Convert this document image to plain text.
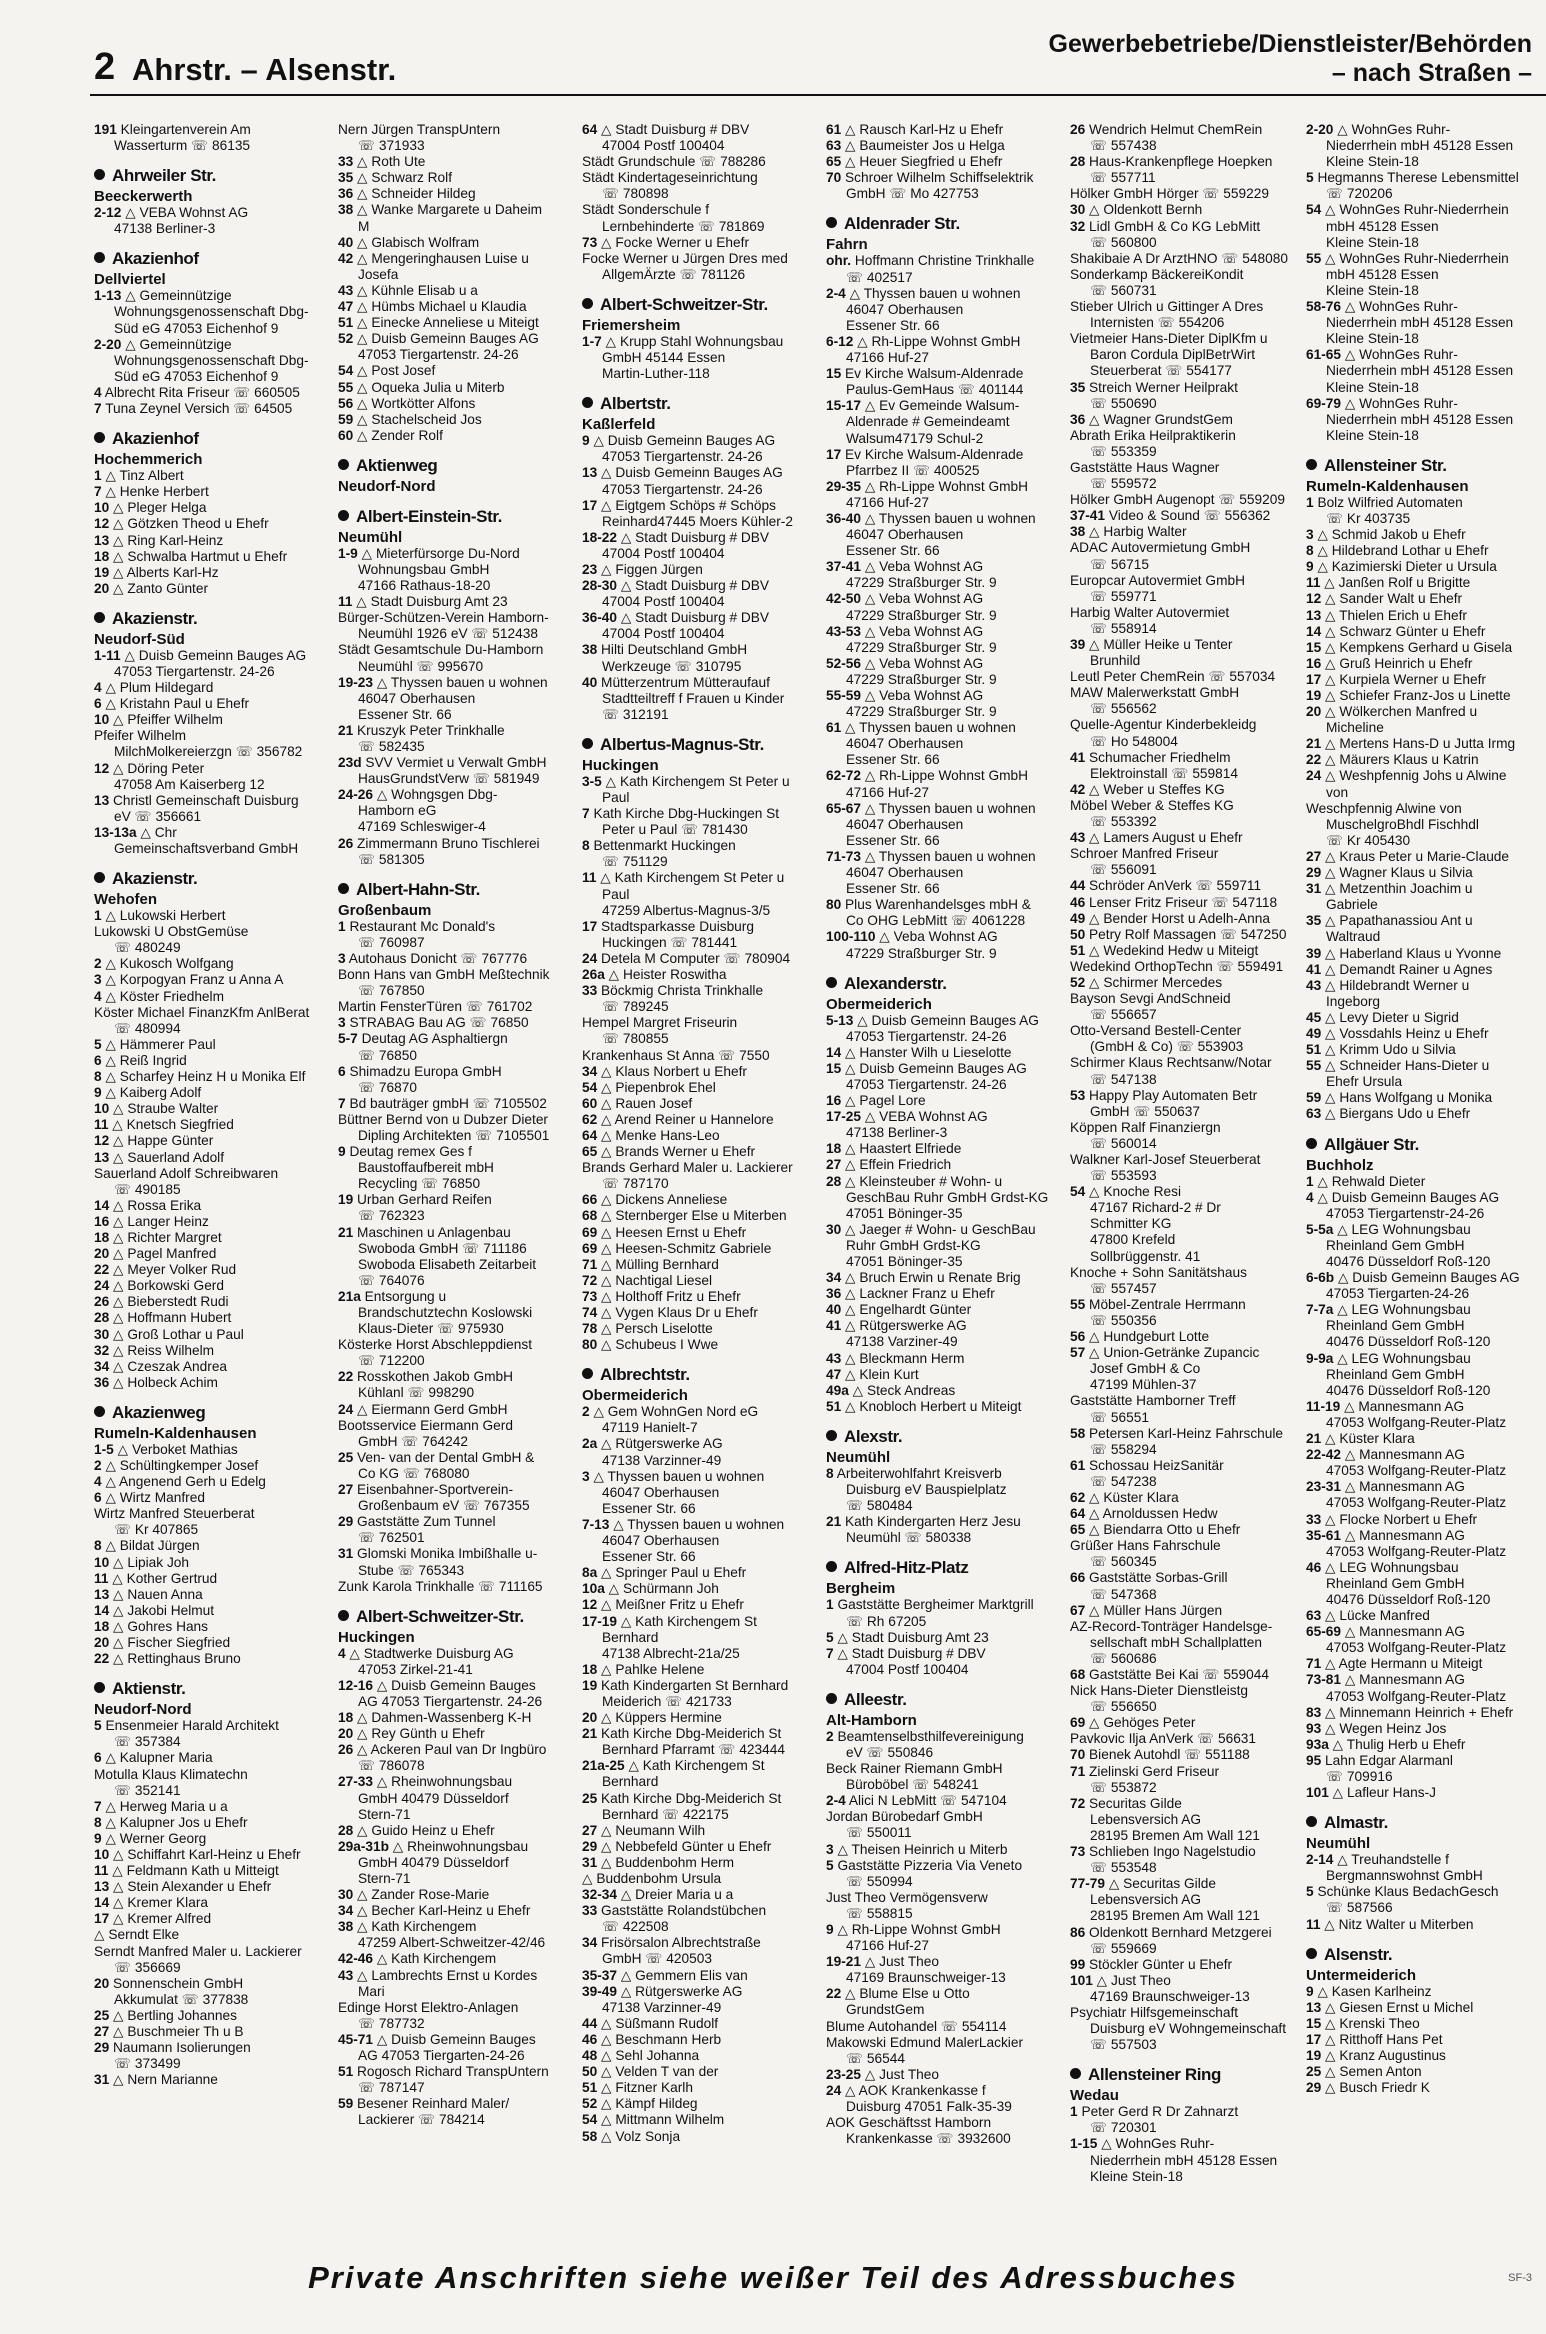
2 Ahrstr. – Alsenstr.
Gewerbebetriebe/Dienstleister/Behörden
– nach Straßen –
191 Kleingartenverein Am
Wasserturm ☏ 86135
Ahrweiler Str.
Beeckerwerth
2-12 △ VEBA Wohnst AG
47138 Berliner-3
Akazienhof
Dellviertel
1-13 △ Gemeinnützige
Wohnungsgenossenschaft Dbg-
Süd eG 47053 Eichenhof 9
2-20 △ Gemeinnützige
Wohnungsgenossenschaft Dbg-
Süd eG 47053 Eichenhof 9
4 Albrecht Rita Friseur ☏ 660505
7 Tuna Zeynel Versich ☏ 64505
Akazienhof
Hochemmerich
1 △ Tinz Albert
7 △ Henke Herbert
10 △ Pleger Helga
12 △ Götzken Theod u Ehefr
13 △ Ring Karl-Heinz
18 △ Schwalba Hartmut u Ehefr
19 △ Alberts Karl-Hz
20 △ Zanto Günter
Akazienstr.
Neudorf-Süd
1-11 △ Duisb Gemeinn Bauges AG
47053 Tiergartenstr. 24-26
4 △ Plum Hildegard
6 △ Kristahn Paul u Ehefr
10 △ Pfeiffer Wilhelm
Pfeifer Wilhelm
MilchMolkereierzgn ☏ 356782
12 △ Döring Peter
47058 Am Kaiserberg 12
13 Christl Gemeinschaft Duisburg
eV ☏ 356661
13-13a △ Chr
Gemeinschaftsverband GmbH
Akazienstr.
Wehofen
1 △ Lukowski Herbert
Lukowski U ObstGemüse
☏ 480249
2 △ Kukosch Wolfgang
3 △ Korpogyan Franz u Anna A
4 △ Köster Friedhelm
Köster Michael FinanzKfm AnlBerat
☏ 480994
5 △ Hämmerer Paul
6 △ Reiß Ingrid
8 △ Scharfey Heinz H u Monika Elf
9 △ Kaiberg Adolf
10 △ Straube Walter
11 △ Knetsch Siegfried
12 △ Happe Günter
13 △ Sauerland Adolf
Sauerland Adolf Schreibwaren
☏ 490185
14 △ Rossa Erika
16 △ Langer Heinz
18 △ Richter Margret
20 △ Pagel Manfred
22 △ Meyer Volker Rud
24 △ Borkowski Gerd
26 △ Bieberstedt Rudi
28 △ Hoffmann Hubert
30 △ Groß Lothar u Paul
32 △ Reiss Wilhelm
34 △ Czeszak Andrea
36 △ Holbeck Achim
Akazienweg
Rumeln-Kaldenhausen
1-5 △ Verboket Mathias
2 △ Schültingkemper Josef
4 △ Angenend Gerh u Edelg
6 △ Wirtz Manfred
Wirtz Manfred Steuerberat
☏ Kr 407865
8 △ Bildat Jürgen
10 △ Lipiak Joh
11 △ Kother Gertrud
13 △ Nauen Anna
14 △ Jakobi Helmut
18 △ Gohres Hans
20 △ Fischer Siegfried
22 △ Rettinghaus Bruno
Aktienstr.
Neudorf-Nord
5 Ensenmeier Harald Architekt
☏ 357384
6 △ Kalupner Maria
Motulla Klaus Klimatechn
☏ 352141
7 △ Herweg Maria u a
8 △ Kalupner Jos u Ehefr
9 △ Werner Georg
10 △ Schiffahrt Karl-Heinz u Ehefr
11 △ Feldmann Kath u Mitteigt
13 △ Stein Alexander u Ehefr
14 △ Kremer Klara
17 △ Kremer Alfred
△ Serndt Elke
Serndt Manfred Maler u. Lackierer
☏ 356669
20 Sonnenschein GmbH
Akkumulat ☏ 377838
25 △ Bertling Johannes
27 △ Buschmeier Th u B
29 Naumann Isolierungen
☏ 373499
31 △ Nern Marianne
Nern Jürgen TranspUntern
☏ 371933
33 △ Roth Ute
35 △ Schwarz Rolf
36 △ Schneider Hildeg
38 △ Wanke Margarete u Daheim
M
40 △ Glabisch Wolfram
42 △ Mengeringhausen Luise u
Josefa
43 △ Kühnle Elisab u a
47 △ Hümbs Michael u Klaudia
51 △ Einecke Anneliese u Miteigt
52 △ Duisb Gemeinn Bauges AG
47053 Tiergartenstr. 24-26
54 △ Post Josef
55 △ Oqueka Julia u Miterb
56 △ Wortkötter Alfons
59 △ Stachelscheid Jos
60 △ Zender Rolf
Aktienweg
Neudorf-Nord
Albert-Einstein-Str.
Neumühl
1-9 △ Mieterfürsorge Du-Nord
Wohnungsbau GmbH
47166 Rathaus-18-20
11 △ Stadt Duisburg Amt 23
Bürger-Schützen-Verein Hamborn-
Neumühl 1926 eV ☏ 512438
Städt Gesamtschule Du-Hamborn
Neumühl ☏ 995670
19-23 △ Thyssen bauen u wohnen
46047 Oberhausen
Essener Str. 66
21 Kruszyk Peter Trinkhalle
☏ 582435
23d SVV Vermiet u Verwalt GmbH
HausGrundstVerw ☏ 581949
24-26 △ Wohngsgen Dbg-
Hamborn eG
47169 Schleswiger-4
26 Zimmermann Bruno Tischlerei
☏ 581305
Albert-Hahn-Str.
Großenbaum
1 Restaurant Mc Donald's
☏ 760987
3 Autohaus Donicht ☏ 767776
Bonn Hans van GmbH Meßtechnik
☏ 767850
Martin FensterTüren ☏ 761702
3 STRABAG Bau AG ☏ 76850
5-7 Deutag AG Asphaltiergn
☏ 76850
6 Shimadzu Europa GmbH
☏ 76870
7 Bd bauträger gmbH ☏ 7105502
Büttner Bernd von u Dubzer Dieter
Dipling Architekten ☏ 7105501
9 Deutag remex Ges f
Baustoffaufbereit mbH
Recycling ☏ 76850
19 Urban Gerhard Reifen
☏ 762323
21 Maschinen u Anlagenbau
Swoboda GmbH ☏ 711186
Swoboda Elisabeth Zeitarbeit
☏ 764076
21a Entsorgung u
Brandschutztechn Koslowski
Klaus-Dieter ☏ 975930
Kösterke Horst Abschleppdienst
☏ 712200
22 Rosskothen Jakob GmbH
Kühlanl ☏ 998290
24 △ Eiermann Gerd GmbH
Bootsservice Eiermann Gerd
GmbH ☏ 764242
25 Ven- van der Dental GmbH &
Co KG ☏ 768080
27 Eisenbahner-Sportverein-
Großenbaum eV ☏ 767355
29 Gaststätte Zum Tunnel
☏ 762501
31 Glomski Monika Imbißhalle u-
Stube ☏ 765343
Zunk Karola Trinkhalle ☏ 711165
Albert-Schweitzer-Str.
Huckingen
4 △ Stadtwerke Duisburg AG
47053 Zirkel-21-41
12-16 △ Duisb Gemeinn Bauges
AG 47053 Tiergartenstr. 24-26
18 △ Dahmen-Wassenberg K-H
20 △ Rey Günth u Ehefr
26 △ Ackeren Paul van Dr Ingbüro
☏ 786078
27-33 △ Rheinwohnungsbau
GmbH 40479 Düsseldorf
Stern-71
28 △ Guido Heinz u Ehefr
29a-31b △ Rheinwohnungsbau
GmbH 40479 Düsseldorf
Stern-71
30 △ Zander Rose-Marie
34 △ Becher Karl-Heinz u Ehefr
38 △ Kath Kirchengem
47259 Albert-Schweitzer-42/46
42-46 △ Kath Kirchengem
43 △ Lambrechts Ernst u Kordes
Mari
Edinge Horst Elektro-Anlagen
☏ 787732
45-71 △ Duisb Gemeinn Bauges
AG 47053 Tiergarten-24-26
51 Rogosch Richard TranspUntern
☏ 787147
59 Besener Reinhard Maler/
Lackierer ☏ 784214
64 △ Stadt Duisburg # DBV
47004 Postf 100404
Städt Grundschule ☏ 788286
Städt Kindertageseinrichtung
☏ 780898
Städt Sonderschule f
Lernbehinderte ☏ 781869
73 △ Focke Werner u Ehefr
Focke Werner u Jürgen Dres med
AllgemÄrzte ☏ 781126
Albert-Schweitzer-Str.
Friemersheim
1-7 △ Krupp Stahl Wohnungsbau
GmbH 45144 Essen
Martin-Luther-118
Albertstr.
Kaßlerfeld
9 △ Duisb Gemeinn Bauges AG
47053 Tiergartenstr. 24-26
13 △ Duisb Gemeinn Bauges AG
47053 Tiergartenstr. 24-26
17 △ Eigtgem Schöps # Schöps
Reinhard47445 Moers Kühler-2
18-22 △ Stadt Duisburg # DBV
47004 Postf 100404
23 △ Figgen Jürgen
28-30 △ Stadt Duisburg # DBV
47004 Postf 100404
36-40 △ Stadt Duisburg # DBV
47004 Postf 100404
38 Hilti Deutschland GmbH
Werkzeuge ☏ 310795
40 Mütterzentrum Mütteraufauf
Stadtteiltreff f Frauen u Kinder
☏ 312191
Albertus-Magnus-Str.
Huckingen
3-5 △ Kath Kirchengem St Peter u
Paul
7 Kath Kirche Dbg-Huckingen St
Peter u Paul ☏ 781430
8 Bettenmarkt Huckingen
☏ 751129
11 △ Kath Kirchengem St Peter u
Paul
47259 Albertus-Magnus-3/5
17 Stadtsparkasse Duisburg
Huckingen ☏ 781441
24 Detela M Computer ☏ 780904
26a △ Heister Roswitha
33 Böckmig Christa Trinkhalle
☏ 789245
Hempel Margret Friseurin
☏ 780855
Krankenhaus St Anna ☏ 7550
34 △ Klaus Norbert u Ehefr
54 △ Piepenbrok Ehel
60 △ Rauen Josef
62 △ Arend Reiner u Hannelore
64 △ Menke Hans-Leo
65 △ Brands Werner u Ehefr
Brands Gerhard Maler u. Lackierer
☏ 787170
66 △ Dickens Anneliese
68 △ Sternberger Else u Miterben
69 △ Heesen Ernst u Ehefr
69 △ Heesen-Schmitz Gabriele
71 △ Mülling Bernhard
72 △ Nachtigal Liesel
73 △ Holthoff Fritz u Ehefr
74 △ Vygen Klaus Dr u Ehefr
78 △ Persch Liselotte
80 △ Schubeus I Wwe
Albrechtstr.
Obermeiderich
2 △ Gem WohnGen Nord eG
47119 Hanielt-7
2a △ Rütgerswerke AG
47138 Varzinner-49
3 △ Thyssen bauen u wohnen
46047 Oberhausen
Essener Str. 66
7-13 △ Thyssen bauen u wohnen
46047 Oberhausen
Essener Str. 66
8a △ Springer Paul u Ehefr
10a △ Schürmann Joh
12 △ Meißner Fritz u Ehefr
17-19 △ Kath Kirchengem St
Bernhard
47138 Albrecht-21a/25
18 △ Pahlke Helene
19 Kath Kindergarten St Bernhard
Meiderich ☏ 421733
20 △ Küppers Hermine
21 Kath Kirche Dbg-Meiderich St
Bernhard Pfarramt ☏ 423444
21a-25 △ Kath Kirchengem St
Bernhard
25 Kath Kirche Dbg-Meiderich St
Bernhard ☏ 422175
27 △ Neumann Wilh
29 △ Nebbefeld Günter u Ehefr
31 △ Buddenbohm Herm
△ Buddenbohm Ursula
32-34 △ Dreier Maria u a
33 Gaststätte Rolandstübchen
☏ 422508
34 Frisörsalon Albrechtstraße
GmbH ☏ 420503
35-37 △ Gemmern Elis van
39-49 △ Rütgerswerke AG
47138 Varzinner-49
44 △ Süßmann Rudolf
46 △ Beschmann Herb
48 △ Sehl Johanna
50 △ Velden T van der
51 △ Fitzner Karlh
52 △ Kämpf Hildeg
54 △ Mittmann Wilhelm
58 △ Volz Sonja
61 △ Rausch Karl-Hz u Ehefr
63 △ Baumeister Jos u Helga
65 △ Heuer Siegfried u Ehefr
70 Schroer Wilhelm Schiffselektrik
GmbH ☏ Mo 427753
Aldenrader Str.
Fahrn
ohr. Hoffmann Christine Trinkhalle
☏ 402517
2-4 △ Thyssen bauen u wohnen
46047 Oberhausen
Essener Str. 66
6-12 △ Rh-Lippe Wohnst GmbH
47166 Huf-27
15 Ev Kirche Walsum-Aldenrade
Paulus-GemHaus ☏ 401144
15-17 △ Ev Gemeinde Walsum-
Aldenrade # Gemeindeamt
Walsum47179 Schul-2
17 Ev Kirche Walsum-Aldenrade
Pfarrbez II ☏ 400525
29-35 △ Rh-Lippe Wohnst GmbH
47166 Huf-27
36-40 △ Thyssen bauen u wohnen
46047 Oberhausen
Essener Str. 66
37-41 △ Veba Wohnst AG
47229 Straßburger Str. 9
42-50 △ Veba Wohnst AG
47229 Straßburger Str. 9
43-53 △ Veba Wohnst AG
47229 Straßburger Str. 9
52-56 △ Veba Wohnst AG
47229 Straßburger Str. 9
55-59 △ Veba Wohnst AG
47229 Straßburger Str. 9
61 △ Thyssen bauen u wohnen
46047 Oberhausen
Essener Str. 66
62-72 △ Rh-Lippe Wohnst GmbH
47166 Huf-27
65-67 △ Thyssen bauen u wohnen
46047 Oberhausen
Essener Str. 66
71-73 △ Thyssen bauen u wohnen
46047 Oberhausen
Essener Str. 66
80 Plus Warenhandelsges mbH &
Co OHG LebMitt ☏ 4061228
100-110 △ Veba Wohnst AG
47229 Straßburger Str. 9
Alexanderstr.
Obermeiderich
5-13 △ Duisb Gemeinn Bauges AG
47053 Tiergartenstr. 24-26
14 △ Hanster Wilh u Lieselotte
15 △ Duisb Gemeinn Bauges AG
47053 Tiergartenstr. 24-26
16 △ Pagel Lore
17-25 △ VEBA Wohnst AG
47138 Berliner-3
18 △ Haastert Elfriede
27 △ Effein Friedrich
28 △ Kleinsteuber # Wohn- u
GeschBau Ruhr GmbH Grdst-KG
47051 Böninger-35
30 △ Jaeger # Wohn- u GeschBau
Ruhr GmbH Grdst-KG
47051 Böninger-35
34 △ Bruch Erwin u Renate Brig
36 △ Lackner Franz u Ehefr
40 △ Engelhardt Günter
41 △ Rütgerswerke AG
47138 Varziner-49
43 △ Bleckmann Herm
47 △ Klein Kurt
49a △ Steck Andreas
51 △ Knobloch Herbert u Miteigt
Alexstr.
Neumühl
8 Arbeiterwohlfahrt Kreisverb
Duisburg eV Bauspielplatz
☏ 580484
21 Kath Kindergarten Herz Jesu
Neumühl ☏ 580338
Alfred-Hitz-Platz
Bergheim
1 Gaststätte Bergheimer Marktgrill
☏ Rh 67205
5 △ Stadt Duisburg Amt 23
7 △ Stadt Duisburg # DBV
47004 Postf 100404
Alleestr.
Alt-Hamborn
2 Beamtenselbsthilfevereinigung
eV ☏ 550846
Beck Rainer Riemann GmbH
Büroböbel ☏ 548241
2-4 Alici N LebMitt ☏ 547104
Jordan Bürobedarf GmbH
☏ 550011
3 △ Theisen Heinrich u Miterb
5 Gaststätte Pizzeria Via Veneto
☏ 550994
Just Theo Vermögensverw
☏ 558815
9 △ Rh-Lippe Wohnst GmbH
47166 Huf-27
19-21 △ Just Theo
47169 Braunschweiger-13
22 △ Blume Else u Otto
GrundstGem
Blume Autohandel ☏ 554114
Makowski Edmund MalerLackier
☏ 56544
23-25 △ Just Theo
24 △ AOK Krankenkasse f
Duisburg 47051 Falk-35-39
AOK Geschäftsst Hamborn
Krankenkasse ☏ 3932600
26 Wendrich Helmut ChemRein
☏ 557438
28 Haus-Krankenpflege Hoepken
☏ 557711
Hölker GmbH Hörger ☏ 559229
30 △ Oldenkott Bernh
32 Lidl GmbH & Co KG LebMitt
☏ 560800
Shakibaie A Dr ArztHNO ☏ 548080
Sonderkamp BäckereiKondit
☏ 560731
Stieber Ulrich u Gittinger A Dres
Internisten ☏ 554206
Vietmeier Hans-Dieter DiplKfm u
Baron Cordula DiplBetrWirt
Steuerberat ☏ 554177
35 Streich Werner Heilprakt
☏ 550690
36 △ Wagner GrundstGem
Abrath Erika Heilpraktikerin
☏ 553359
Gaststätte Haus Wagner
☏ 559572
Hölker GmbH Augenopt ☏ 559209
37-41 Video & Sound ☏ 556362
38 △ Harbig Walter
ADAC Autovermietung GmbH
☏ 56715
Europcar Autovermiet GmbH
☏ 559771
Harbig Walter Autovermiet
☏ 558914
39 △ Müller Heike u Tenter
Brunhild
Leutl Peter ChemRein ☏ 557034
MAW Malerwerkstatt GmbH
☏ 556562
Quelle-Agentur Kinderbekleidg
☏ Ho 548004
41 Schumacher Friedhelm
Elektroinstall ☏ 559814
42 △ Weber u Steffes KG
Möbel Weber & Steffes KG
☏ 553392
43 △ Lamers August u Ehefr
Schroer Manfred Friseur
☏ 556091
44 Schröder AnVerk ☏ 559711
46 Lenser Fritz Friseur ☏ 547118
49 △ Bender Horst u Adelh-Anna
50 Petry Rolf Massagen ☏ 547250
51 △ Wedekind Hedw u Miteigt
Wedekind OrthopTechn ☏ 559491
52 △ Schirmer Mercedes
Bayson Sevgi AndSchneid
☏ 556657
Otto-Versand Bestell-Center
(GmbH & Co) ☏ 553903
Schirmer Klaus Rechtsanw/Notar
☏ 547138
53 Happy Play Automaten Betr
GmbH ☏ 550637
Köppen Ralf Finanziergn
☏ 560014
Walkner Karl-Josef Steuerberat
☏ 553593
54 △ Knoche Resi
47167 Richard-2 # Dr
Schmitter KG
47800 Krefeld
Sollbrüggenstr. 41
Knoche + Sohn Sanitätshaus
☏ 557457
55 Möbel-Zentrale Herrmann
☏ 550356
56 △ Hundgeburt Lotte
57 △ Union-Getränke Zupancic
Josef GmbH & Co
47199 Mühlen-37
Gaststätte Hamborner Treff
☏ 56551
58 Petersen Karl-Heinz Fahrschule
☏ 558294
61 Schossau HeizSanitär
☏ 547238
62 △ Küster Klara
64 △ Arnoldussen Hedw
65 △ Biendarra Otto u Ehefr
Grüßer Hans Fahrschule
☏ 560345
66 Gaststätte Sorbas-Grill
☏ 547368
67 △ Müller Hans Jürgen
AZ-Record-Tonträger Handelsge-
sellschaft mbH Schallplatten
☏ 560686
68 Gaststätte Bei Kai ☏ 559044
Nick Hans-Dieter Dienstleistg
☏ 556650
69 △ Gehöges Peter
Pavkovic Ilja AnVerk ☏ 56631
70 Bienek Autohdl ☏ 551188
71 Zielinski Gerd Friseur
☏ 553872
72 Securitas Gilde
Lebensversich AG
28195 Bremen Am Wall 121
73 Schlieben Ingo Nagelstudio
☏ 553548
77-79 △ Securitas Gilde
Lebensversich AG
28195 Bremen Am Wall 121
86 Oldenkott Bernhard Metzgerei
☏ 559669
99 Stöckler Günter u Ehefr
101 △ Just Theo
47169 Braunschweiger-13
Psychiatr Hilfsgemeinschaft
Duisburg eV Wohngemeinschaft
☏ 557503
Allensteiner Ring
Wedau
1 Peter Gerd R Dr Zahnarzt
☏ 720301
1-15 △ WohnGes Ruhr-
Niederrhein mbH 45128 Essen
Kleine Stein-18
2-20 △ WohnGes Ruhr-
Niederrhein mbH 45128 Essen
Kleine Stein-18
5 Hegmanns Therese Lebensmittel
☏ 720206
54 △ WohnGes Ruhr-Niederrhein
mbH 45128 Essen
Kleine Stein-18
55 △ WohnGes Ruhr-Niederrhein
mbH 45128 Essen
Kleine Stein-18
58-76 △ WohnGes Ruhr-
Niederrhein mbH 45128 Essen
Kleine Stein-18
61-65 △ WohnGes Ruhr-
Niederrhein mbH 45128 Essen
Kleine Stein-18
69-79 △ WohnGes Ruhr-
Niederrhein mbH 45128 Essen
Kleine Stein-18
Allensteiner Str.
Rumeln-Kaldenhausen
1 Bolz Wilfried Automaten
☏ Kr 403735
3 △ Schmid Jakob u Ehefr
8 △ Hildebrand Lothar u Ehefr
9 △ Kazimierski Dieter u Ursula
11 △ Janßen Rolf u Brigitte
12 △ Sander Walt u Ehefr
13 △ Thielen Erich u Ehefr
14 △ Schwarz Günter u Ehefr
15 △ Kempkens Gerhard u Gisela
16 △ Gruß Heinrich u Ehefr
17 △ Kurpiela Werner u Ehefr
19 △ Schiefer Franz-Jos u Linette
20 △ Wölkerchen Manfred u
Micheline
21 △ Mertens Hans-D u Jutta Irmg
22 △ Mäurers Klaus u Katrin
24 △ Weshpfennig Johs u Alwine
von
Weschpfennig Alwine von
MuschelgroBhdl Fischhdl
☏ Kr 405430
27 △ Kraus Peter u Marie-Claude
29 △ Wagner Klaus u Silvia
31 △ Metzenthin Joachim u
Gabriele
35 △ Papathanassiou Ant u
Waltraud
39 △ Haberland Klaus u Yvonne
41 △ Demandt Rainer u Agnes
43 △ Hildebrandt Werner u
Ingeborg
45 △ Levy Dieter u Sigrid
49 △ Vossdahls Heinz u Ehefr
51 △ Krimm Udo u Silvia
55 △ Schneider Hans-Dieter u
Ehefr Ursula
59 △ Hans Wolfgang u Monika
63 △ Biergans Udo u Ehefr
Allgäuer Str.
Buchholz
1 △ Rehwald Dieter
4 △ Duisb Gemeinn Bauges AG
47053 Tiergartenstr-24-26
5-5a △ LEG Wohnungsbau
Rheinland Gem GmbH
40476 Düsseldorf Roß-120
6-6b △ Duisb Gemeinn Bauges AG
47053 Tiergarten-24-26
7-7a △ LEG Wohnungsbau
Rheinland Gem GmbH
40476 Düsseldorf Roß-120
9-9a △ LEG Wohnungsbau
Rheinland Gem GmbH
40476 Düsseldorf Roß-120
11-19 △ Mannesmann AG
47053 Wolfgang-Reuter-Platz
21 △ Küster Klara
22-42 △ Mannesmann AG
47053 Wolfgang-Reuter-Platz
23-31 △ Mannesmann AG
47053 Wolfgang-Reuter-Platz
33 △ Flocke Norbert u Ehefr
35-61 △ Mannesmann AG
47053 Wolfgang-Reuter-Platz
46 △ LEG Wohnungsbau
Rheinland Gem GmbH
40476 Düsseldorf Roß-120
63 △ Lücke Manfred
65-69 △ Mannesmann AG
47053 Wolfgang-Reuter-Platz
71 △ Agte Hermann u Miteigt
73-81 △ Mannesmann AG
47053 Wolfgang-Reuter-Platz
83 △ Minnemann Heinrich + Ehefr
93 △ Wegen Heinz Jos
93a △ Thulig Herb u Ehefr
95 Lahn Edgar Alarmanl
☏ 709916
101 △ Lafleur Hans-J
Almastr.
Neumühl
2-14 △ Treuhandstelle f
Bergmannswohnst GmbH
5 Schünke Klaus BedachGesch
☏ 587566
11 △ Nitz Walter u Miterben
Alsenstr.
Untermeiderich
9 △ Kasen Karlheinz
13 △ Giesen Ernst u Michel
15 △ Krenski Theo
17 △ Ritthoff Hans Pet
19 △ Kranz Augustinus
25 △ Semen Anton
29 △ Busch Friedr K
Private Anschriften siehe weißer Teil des Adressbuches	SF-3
